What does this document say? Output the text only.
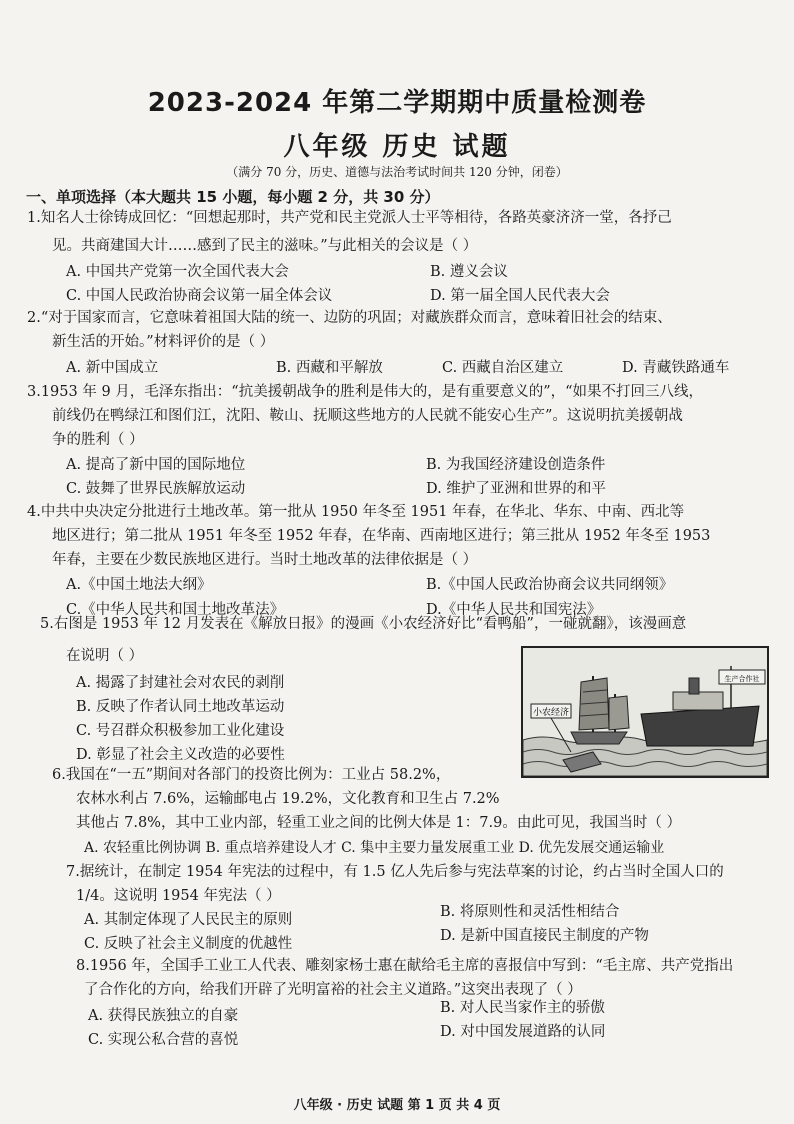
2023-2024 年第二学期期中质量检测卷
八年级 历史 试题
（满分 70 分，历史、道德与法治考试时间共 120 分钟，闭卷）
一、单项选择（本大题共 15 小题，每小题 2 分，共 30 分）
1.知名人士徐铸成回忆：“回想起那时，共产党和民主党派人士平等相待，各路英豪济济一堂，各抒己
见。共商建国大计……感到了民主的滋味。”与此相关的会议是（ ）
A. 中国共产党第一次全国代表大会	B. 遵义会议
C. 中国人民政治协商会议第一届全体会议	D. 第一届全国人民代表大会
2.“对于国家而言，它意味着祖国大陆的统一、边防的巩固；对藏族群众而言，意味着旧社会的结束、
新生活的开始。”材料评价的是（ ）
A. 新中国成立	B. 西藏和平解放	C. 西藏自治区建立	D. 青藏铁路通车
3.1953 年 9 月，毛泽东指出：“抗美援朝战争的胜利是伟大的，是有重要意义的”，“如果不打回三八线，
前线仍在鸭绿江和图们江，沈阳、鞍山、抚顺这些地方的人民就不能安心生产”。这说明抗美援朝战
争的胜利（ ）
A. 提高了新中国的国际地位	B. 为我国经济建设创造条件
C. 鼓舞了世界民族解放运动	D. 维护了亚洲和世界的和平
4.中共中央决定分批进行土地改革。第一批从 1950 年冬至 1951 年春，在华北、华东、中南、西北等
地区进行；第二批从 1951 年冬至 1952 年春，在华南、西南地区进行；第三批从 1952 年冬至 1953
年春，主要在少数民族地区进行。当时土地改革的法律依据是（ ）
A.《中国土地法大纲》	B.《中国人民政治协商会议共同纲领》
C.《中华人民共和国土地改革法》	D.《中华人民共和国宪法》
5.右图是 1953 年 12 月发表在《解放日报》的漫画《小农经济好比“看鸭船”，一碰就翻》，该漫画意
在说明（ ）
A. 揭露了封建社会对农民的剥削
B. 反映了作者认同土地改革运动
C. 号召群众积极参加工业化建设
D. 彰显了社会主义改造的必要性
小农经济
生产合作社
6.我国在“一五”期间对各部门的投资比例为：工业占 58.2%，
农林水利占 7.6%，运输邮电占 19.2%，文化教育和卫生占 7.2%
其他占 7.8%，其中工业内部，轻重工业之间的比例大体是 1：7.9。由此可见，我国当时（ ）
A. 农轻重比例协调 B. 重点培养建设人才 C. 集中主要力量发展重工业 D. 优先发展交通运输业
7.据统计，在制定 1954 年宪法的过程中，有 1.5 亿人先后参与宪法草案的讨论，约占当时全国人口的
1/4。这说明 1954 年宪法（ ）
A. 其制定体现了人民民主的原则	B. 将原则性和灵活性相结合
C. 反映了社会主义制度的优越性	D. 是新中国直接民主制度的产物
8.1956 年，全国手工业工人代表、雕刻家杨士惠在献给毛主席的喜报信中写到：“毛主席、共产党指出
了合作化的方向，给我们开辟了光明富裕的社会主义道路。”这突出表现了（ ）
A. 获得民族独立的自豪	B. 对人民当家作主的骄傲
C. 实现公私合营的喜悦	D. 对中国发展道路的认同
八年级 · 历史 试题 第 1 页 共 4 页
